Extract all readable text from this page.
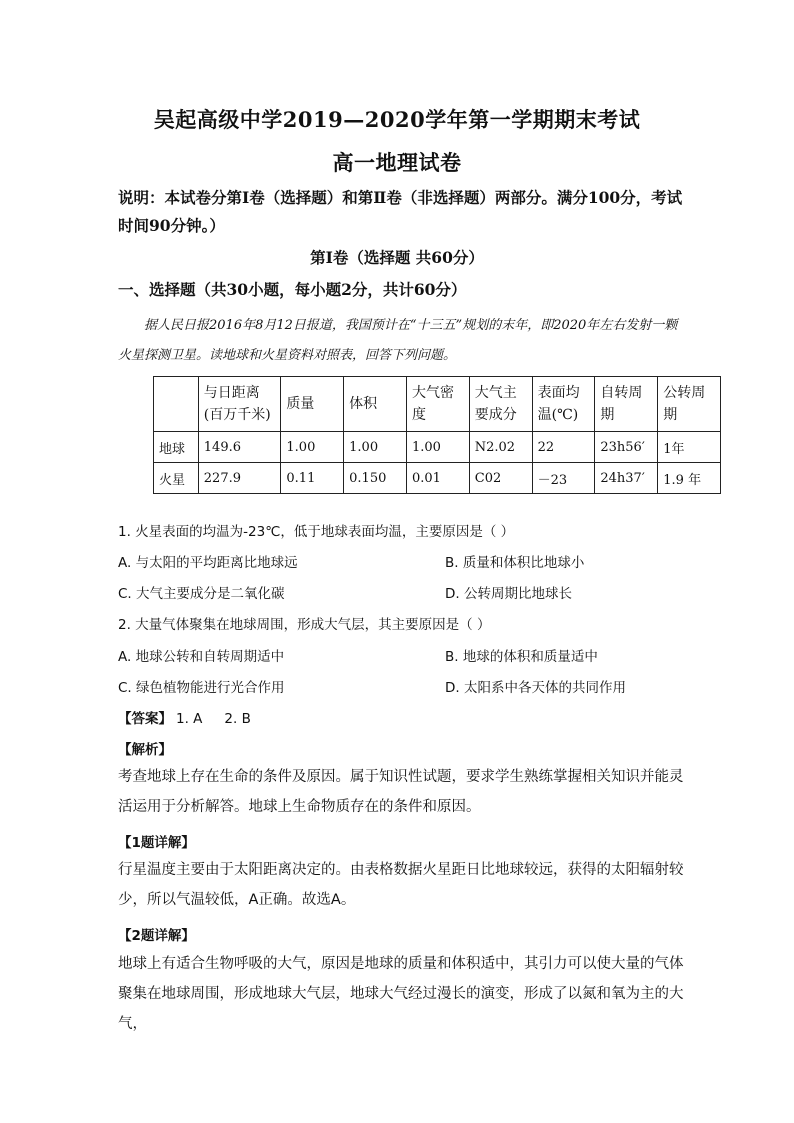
吴起高级中学2019—2020学年第一学期期末考试
高一地理试卷
说明：本试卷分第Ⅰ卷（选择题）和第Ⅱ卷（非选择题）两部分。满分100分，考试时间90分钟。）
第Ⅰ卷（选择题 共60分）
一、选择题（共30小题，每小题2分，共计60分）
据人民日报2016年8月12日报道，我国预计在“十三五”规划的末年，即2020年左右发射一颗火星探测卫星。读地球和火星资料对照表，回答下列问题。
	与日距离(百万千米)	质量	体积	大气密度	大气主要成分	表面均温(℃)	自转周期	公转周期
地球	149.6	1.00	1.00	1.00	N2.02	22	23h56′	1年
火星	227.9	0.11	0.150	0.01	C02	－23	24h37′	1.9 年
1. 火星表面的均温为-23℃，低于地球表面均温，主要原因是（ ）
A. 与太阳的平均距离比地球远	B. 质量和体积比地球小
C. 大气主要成分是二氧化碳	D. 公转周期比地球长
2. 大量气体聚集在地球周围，形成大气层，其主要原因是（ ）
A. 地球公转和自转周期适中	B. 地球的体积和质量适中
C. 绿色植物能进行光合作用	D. 太阳系中各天体的共同作用
【答案】 1. A 2. B
【解析】
考查地球上存在生命的条件及原因。属于知识性试题，要求学生熟练掌握相关知识并能灵活运用于分析解答。地球上生命物质存在的条件和原因。
【1题详解】
行星温度主要由于太阳距离决定的。由表格数据火星距日比地球较远，获得的太阳辐射较少，所以气温较低，A正确。故选A。
【2题详解】
地球上有适合生物呼吸的大气，原因是地球的质量和体积适中，其引力可以使大量的气体聚集在地球周围，形成地球大气层，地球大气经过漫长的演变，形成了以氮和氧为主的大气，
